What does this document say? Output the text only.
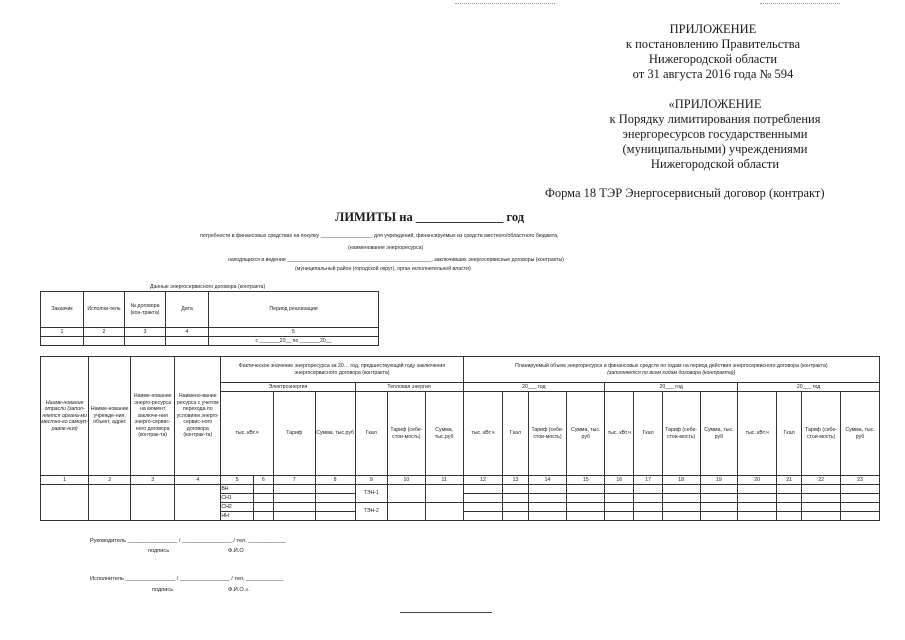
ПРИЛОЖЕНИЕ
к постановлению Правительства
Нижегородской области
от 31 августа 2016 года № 594
«ПРИЛОЖЕНИЕ
к Порядку лимитирования потребления
энергоресурсов государственными
(муниципальными) учреждениями
Нижегородской области
Форма 18 ТЭР Энергосервисный договор (контракт)
ЛИМИТЫ на ______________ год
потребности в финансовых средствах на покупку __________________ для учреждений, финансируемых из средств местного/областного бюджета,
(наименование энергоресурса)
находящихся в ведении __________________________________________________, заключивших энергосервисные договоры (контракты)
(муниципальный район (городской округ), орган исполнительной власти)
Данные энергосервисного договора (контракта)
Заказчик	Исполни-тель	№ договора (кон-тракта)	Дата	Период реализации
1	2	3	4	5
				с _______20__ по _______20__
Наиме-нование отрасли (запол-няется органа-ми местно-го самоуп-равле-ния)	Наиме-нование учрежде-ния, объект, адрес	Наиме-нование энерго-ресурса на момент заключе-ния энерго-сервис-ного договора (контрак-та)	Наимено-вание ресурса с учетом перехода по условиям энерго-сервис-ного договора (контрак-та)	Фактическое значение энергоресурса за 20… год, предшествующий году заключения энергосервисного договора (контракта)							Планируемый объем энергоресурса и финансовых средств по годам на период действия энергосервисного договора (контракта)
(заполняется по всем годам договора (контракта))											

				Электроэнергия				Тепловая энергия			20___ год				20___ год				20___ год			
				тыс. кВт.ч		Тариф	Сумма, тыс.руб	Гкал	Тариф (себе-стои-мость)	Сумма, тыс.руб	тыс. кВт.ч	Гкал	Тариф (себе-стои-мость)	Сумма, тыс. руб	тыс. кВт.ч	Гкал	Тариф (себе-стои-мость)	Сумма, тыс. руб	тыс. кВт.ч	Гкал	Тариф (себе-стои-мость)	Сумма, тыс. руб
1	2	3	4	5	6	7	8	9	10	11	12	13	14	15	16	17	18	19	20	21	22	23
				ВН				ТЭН-1														
				СН1																		
				СН2				ТЭН-2														
				НН																		
Руководитель ________________ / ________________ / тел. ____________
подпись	Ф.И.О
Исполнитель ________________ / ________________ / тел. ____________
подпись	Ф.И.О.».
